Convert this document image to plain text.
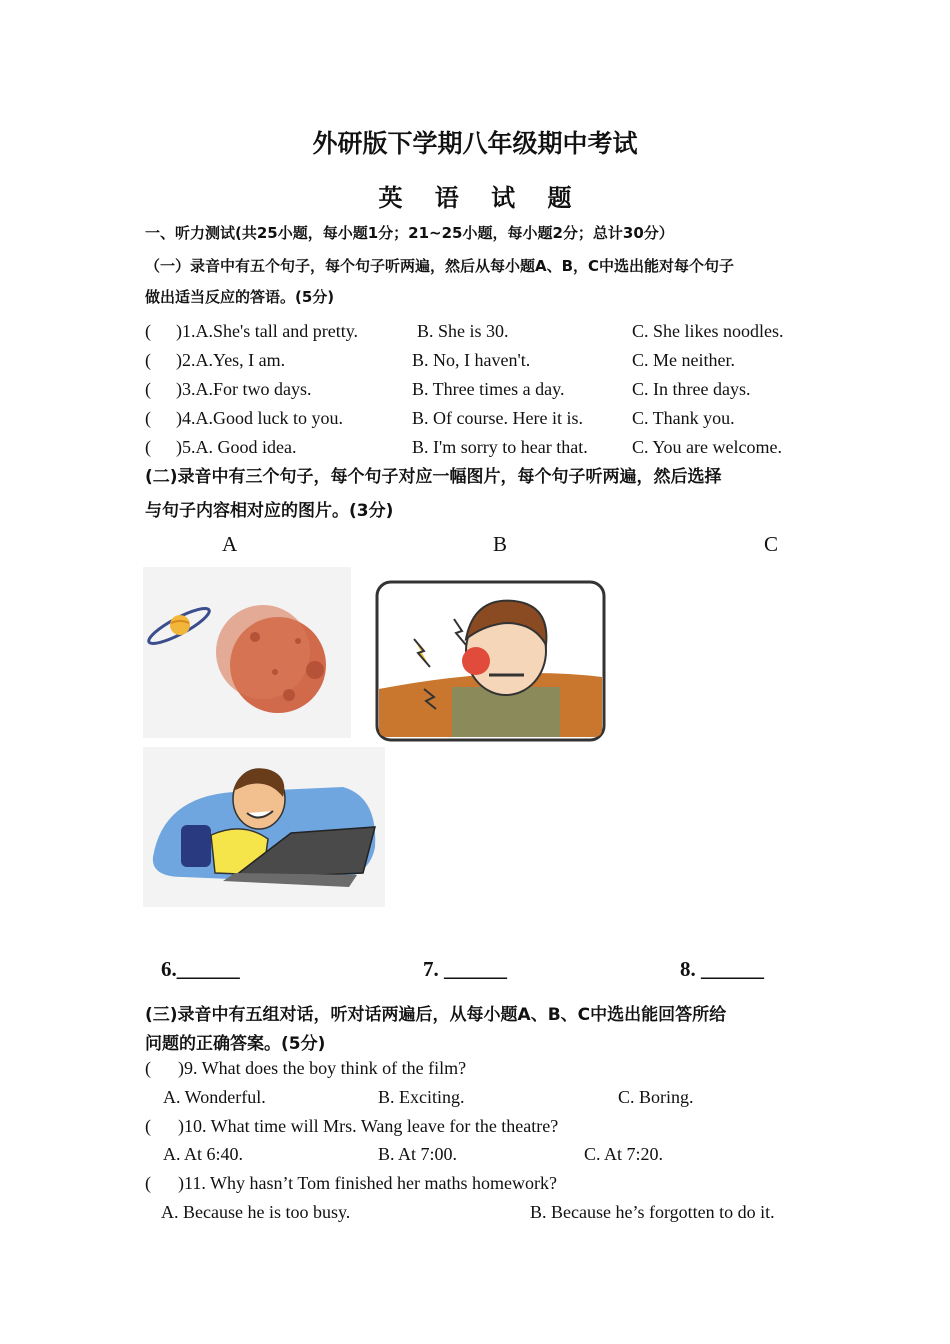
外研版下学期八年级期中考试
英 语 试 题
一、听力测试(共25小题，每小题1分；21~25小题，每小题2分；总计30分）
（一）录音中有五个句子，每个句子听两遍，然后从每小题A、B，C中选出能对每个句子
做出适当反应的答语。(5分)
( )1.A.She's tall and pretty.	B. She is 30.	C. She likes noodles.
( )2.A.Yes, I am.	B. No, I haven't.	C. Me neither.
( )3.A.For two days.	B. Three times a day.	C. In three days.
( )4.A.Good luck to you.	B. Of course. Here it is.	C. Thank you.
( )5.A. Good idea.	B. I'm sorry to hear that. C. You are welcome.
(二)录音中有三个句子，每个句子对应一幅图片，每个句子听两遍，然后选择
与句子内容相对应的图片。(3分)
A	B	C
6.______	7. ______	8. ______
(三)录音中有五组对话，听对话两遍后，从每小题A、B、C中选出能回答所给
问题的正确答案。(5分)
( )9. What does the boy think of the film?
A. Wonderful.	B. Exciting.	C. Boring.
( )10. What time will Mrs. Wang leave for the theatre?
A. At 6:40.	B. At 7:00.	C. At 7:20.
( )11. Why hasn’t Tom finished her maths homework?
A. Because he is too busy.	B. Because he’s forgotten to do it.
